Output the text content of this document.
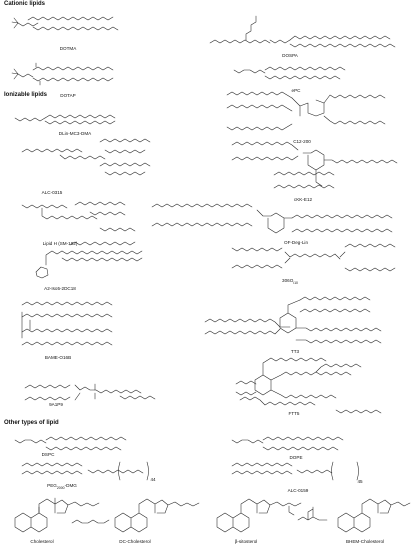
Cationic lipids
Ionizable lipids
Other types of lipid
DOTMA
DOSPA
DOTAP
ePC
DLin-MC3-DMA
C12-200
ALC-0315
cKK-E12
Lipid H (SM-102)	OF-Deg-Lin
A2-Iso5-2DC18
$306O_{i10}$
BAME-O16B
TT3
9A1P9
FTT5
DSPC
DOPE
$PEG_{2000}$-DMG
44
ALC-0159
45
Cholesterol	DC-Cholesterol	β-sitosterol	BHEM-Cholesterol
